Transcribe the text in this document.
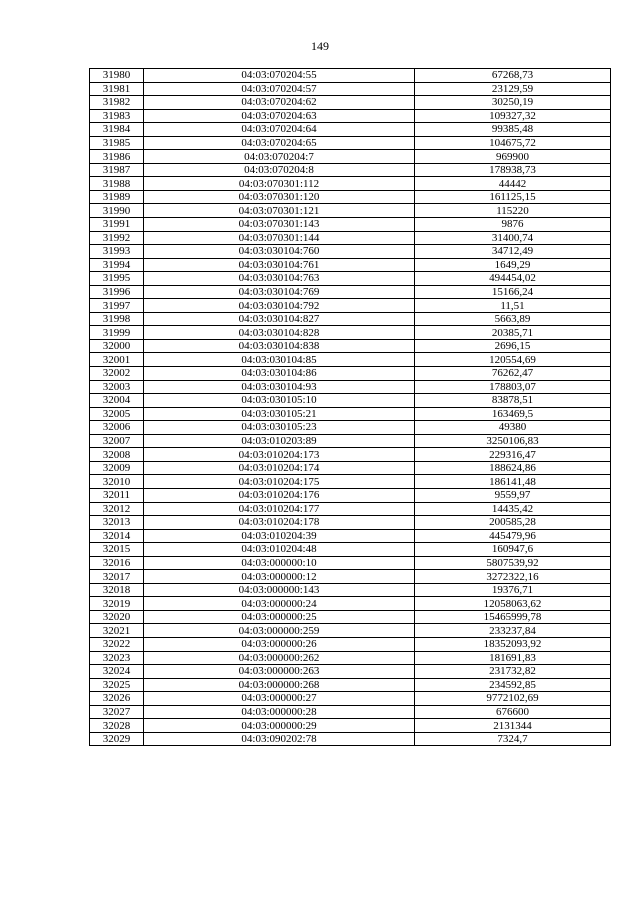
149
31980	04:03:070204:55	67268,73
31981	04:03:070204:57	23129,59
31982	04:03:070204:62	30250,19
31983	04:03:070204:63	109327,32
31984	04:03:070204:64	99385,48
31985	04:03:070204:65	104675,72
31986	04:03:070204:7	969900
31987	04:03:070204:8	178938,73
31988	04:03:070301:112	44442
31989	04:03:070301:120	161125,15
31990	04:03:070301:121	115220
31991	04:03:070301:143	9876
31992	04:03:070301:144	31400,74
31993	04:03:030104:760	34712,49
31994	04:03:030104:761	1649,29
31995	04:03:030104:763	494454,02
31996	04:03:030104:769	15166,24
31997	04:03:030104:792	11,51
31998	04:03:030104:827	5663,89
31999	04:03:030104:828	20385,71
32000	04:03:030104:838	2696,15
32001	04:03:030104:85	120554,69
32002	04:03:030104:86	76262,47
32003	04:03:030104:93	178803,07
32004	04:03:030105:10	83878,51
32005	04:03:030105:21	163469,5
32006	04:03:030105:23	49380
32007	04:03:010203:89	3250106,83
32008	04:03:010204:173	229316,47
32009	04:03:010204:174	188624,86
32010	04:03:010204:175	186141,48
32011	04:03:010204:176	9559,97
32012	04:03:010204:177	14435,42
32013	04:03:010204:178	200585,28
32014	04:03:010204:39	445479,96
32015	04:03:010204:48	160947,6
32016	04:03:000000:10	5807539,92
32017	04:03:000000:12	3272322,16
32018	04:03:000000:143	19376,71
32019	04:03:000000:24	12058063,62
32020	04:03:000000:25	15465999,78
32021	04:03:000000:259	233237,84
32022	04:03:000000:26	18352093,92
32023	04:03:000000:262	181691,83
32024	04:03:000000:263	231732,82
32025	04:03:000000:268	234592,85
32026	04:03:000000:27	9772102,69
32027	04:03:000000:28	676600
32028	04:03:000000:29	2131344
32029	04:03:090202:78	7324,7
